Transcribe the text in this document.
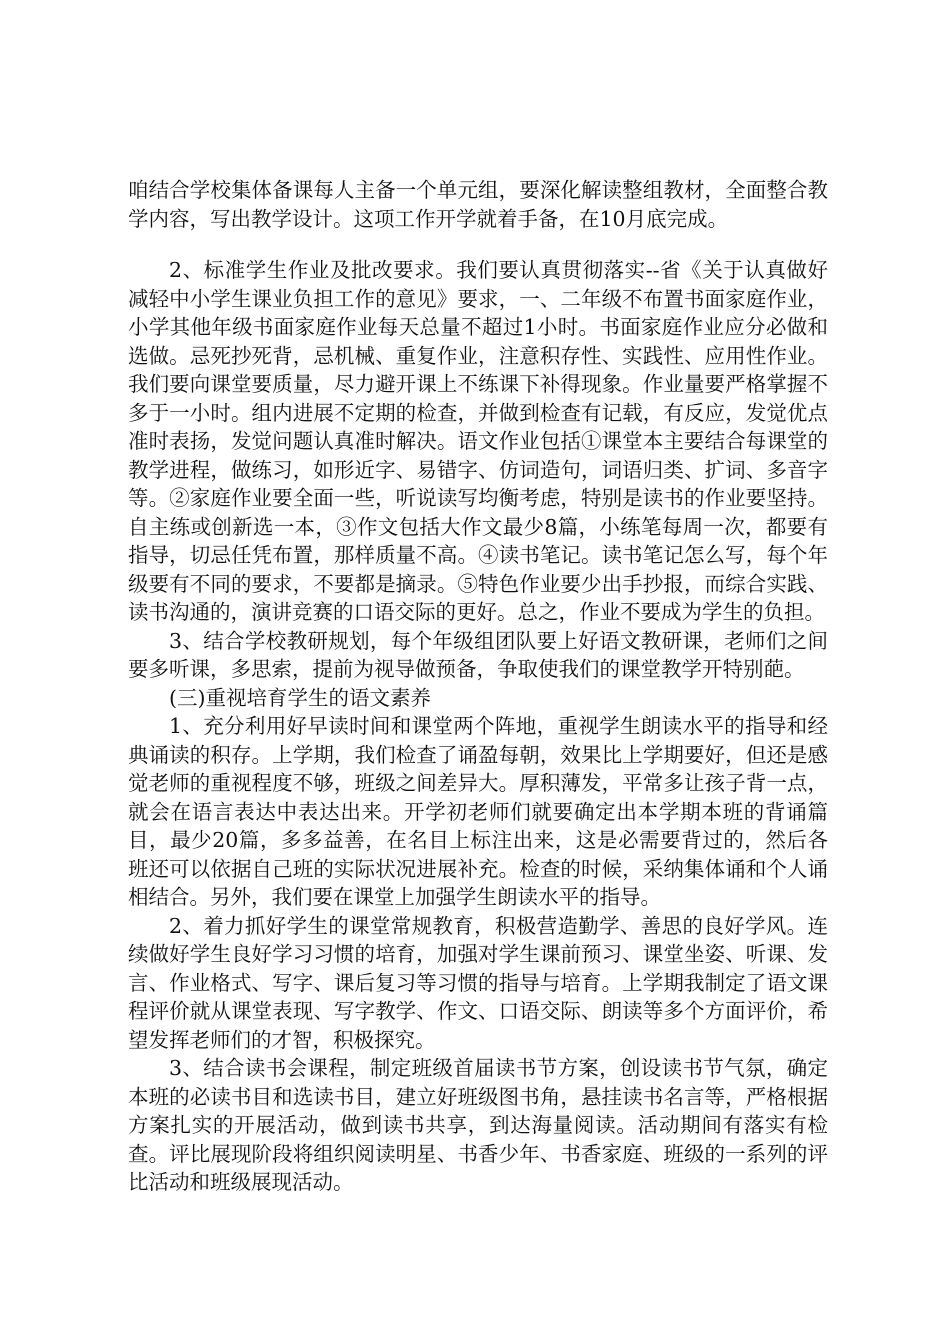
咱结合学校集体备课每人主备一个单元组，要深化解读整组教材，全面整合教学内容，写出教学设计。这项工作开学就着手备，在10月底完成。

2、标准学生作业及批改要求。我们要认真贯彻落实--省《关于认真做好减轻中小学生课业负担工作的意见》要求，一、二年级不布置书面家庭作业，小学其他年级书面家庭作业每天总量不超过1小时。书面家庭作业应分必做和选做。忌死抄死背，忌机械、重复作业，注意积存性、实践性、应用性作业。我们要向课堂要质量，尽力避开课上不练课下补得现象。作业量要严格掌握不多于一小时。组内进展不定期的检查，并做到检查有记载，有反应，发觉优点准时表扬，发觉问题认真准时解决。语文作业包括①课堂本主要结合每课堂的教学进程，做练习，如形近字、易错字、仿词造句，词语归类、扩词、多音字等。②家庭作业要全面一些，听说读写均衡考虑，特别是读书的作业要坚持。自主练或创新选一本，③作文包括大作文最少8篇，小练笔每周一次，都要有指导，切忌任凭布置，那样质量不高。④读书笔记。读书笔记怎么写，每个年级要有不同的要求，不要都是摘录。⑤特色作业要少出手抄报，而综合实践、读书沟通的，演讲竞赛的口语交际的更好。总之，作业不要成为学生的负担。

3、结合学校教研规划，每个年级组团队要上好语文教研课，老师们之间要多听课，多思索，提前为视导做预备，争取使我们的课堂教学开特别葩。

(三)重视培育学生的语文素养

1、充分利用好早读时间和课堂两个阵地，重视学生朗读水平的指导和经典诵读的积存。上学期，我们检查了诵盈每朝，效果比上学期要好，但还是感觉老师的重视程度不够，班级之间差异大。厚积薄发，平常多让孩子背一点，就会在语言表达中表达出来。开学初老师们就要确定出本学期本班的背诵篇目，最少20篇，多多益善，在名目上标注出来，这是必需要背过的，然后各班还可以依据自己班的实际状况进展补充。检查的时候，采纳集体诵和个人诵相结合。另外，我们要在课堂上加强学生朗读水平的指导。

2、着力抓好学生的课堂常规教育，积极营造勤学、善思的良好学风。连续做好学生良好学习习惯的培育，加强对学生课前预习、课堂坐姿、听课、发言、作业格式、写字、课后复习等习惯的指导与培育。上学期我制定了语文课程评价就从课堂表现、写字教学、作文、口语交际、朗读等多个方面评价，希望发挥老师们的才智，积极探究。

3、结合读书会课程，制定班级首届读书节方案，创设读书节气氛，确定本班的必读书目和选读书目，建立好班级图书角，悬挂读书名言等，严格根据方案扎实的开展活动，做到读书共享，到达海量阅读。活动期间有落实有检查。评比展现阶段将组织阅读明星、书香少年、书香家庭、班级的一系列的评比活动和班级展现活动。
